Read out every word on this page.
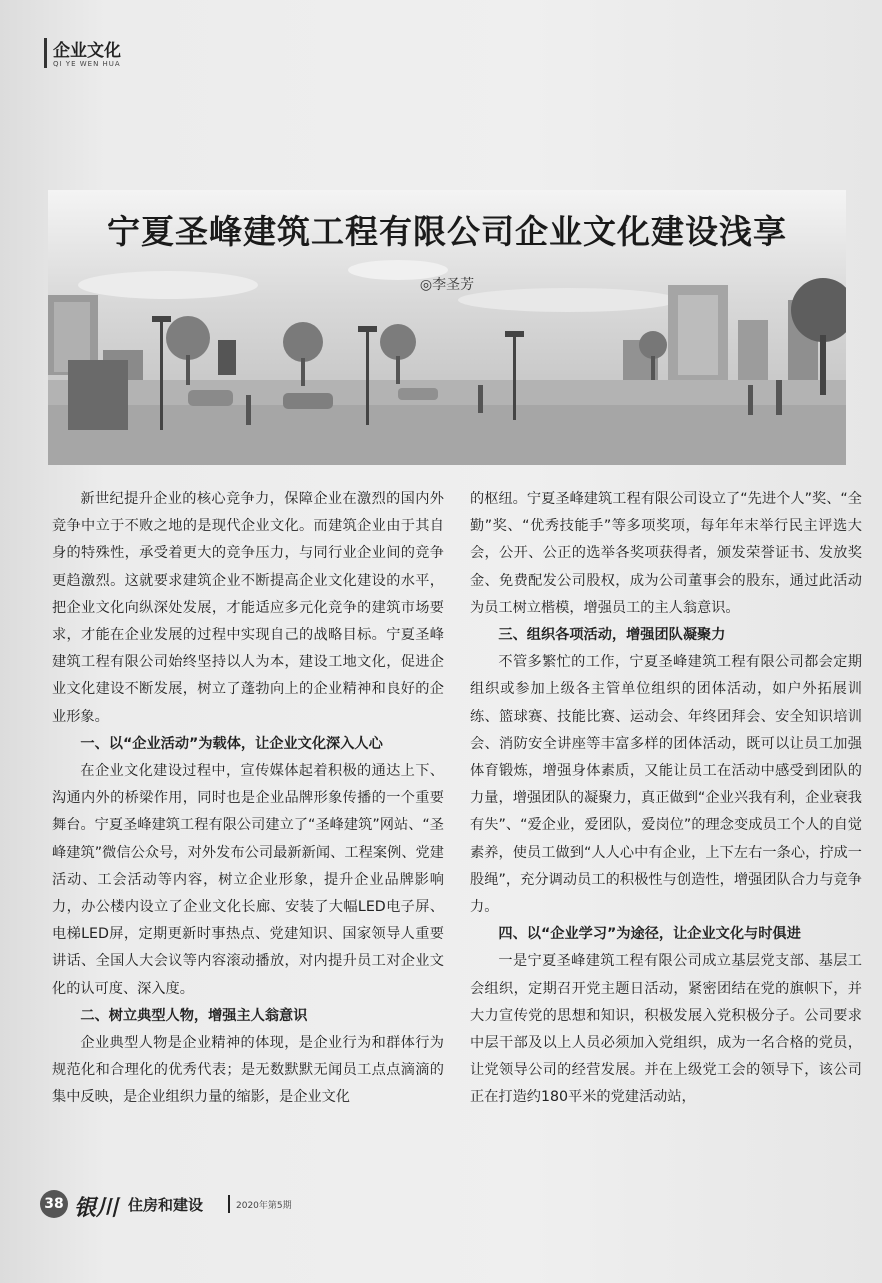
企业文化
QI YE WEN HUA
宁夏圣峰建筑工程有限公司企业文化建设浅享
◎李圣芳

新世纪提升企业的核心竞争力，保障企业在激烈的国内外竞争中立于不败之地的是现代企业文化。而建筑企业由于其自身的特殊性，承受着更大的竞争压力，与同行业企业间的竞争更趋激烈。这就要求建筑企业不断提高企业文化建设的水平，把企业文化向纵深处发展，才能适应多元化竞争的建筑市场要求，才能在企业发展的过程中实现自己的战略目标。宁夏圣峰建筑工程有限公司始终坚持以人为本，建设工地文化，促进企业文化建设不断发展，树立了蓬勃向上的企业精神和良好的企业形象。

一、以“企业活动”为载体，让企业文化深入人心

在企业文化建设过程中，宣传媒体起着积极的通达上下、沟通内外的桥梁作用，同时也是企业品牌形象传播的一个重要舞台。宁夏圣峰建筑工程有限公司建立了“圣峰建筑”网站、“圣峰建筑”微信公众号，对外发布公司最新新闻、工程案例、党建活动、工会活动等内容，树立企业形象，提升企业品牌影响力，办公楼内设立了企业文化长廊、安装了大幅LED电子屏、电梯LED屏，定期更新时事热点、党建知识、国家领导人重要讲话、全国人大会议等内容滚动播放，对内提升员工对企业文化的认可度、深入度。

二、树立典型人物，增强主人翁意识

企业典型人物是企业精神的体现，是企业行为和群体行为规范化和合理化的优秀代表；是无数默默无闻员工点点滴滴的集中反映，是企业组织力量的缩影，是企业文化

的枢纽。宁夏圣峰建筑工程有限公司设立了“先进个人”奖、“全勤”奖、“优秀技能手”等多项奖项，每年年末举行民主评选大会，公开、公正的选举各奖项获得者，颁发荣誉证书、发放奖金、免费配发公司股权，成为公司董事会的股东，通过此活动为员工树立楷模，增强员工的主人翁意识。

三、组织各项活动，增强团队凝聚力

不管多繁忙的工作，宁夏圣峰建筑工程有限公司都会定期组织或参加上级各主管单位组织的团体活动，如户外拓展训练、篮球赛、技能比赛、运动会、年终团拜会、安全知识培训会、消防安全讲座等丰富多样的团体活动，既可以让员工加强体育锻炼，增强身体素质，又能让员工在活动中感受到团队的力量，增强团队的凝聚力，真正做到“企业兴我有利，企业衰我有失”、“爱企业，爱团队，爱岗位”的理念变成员工个人的自觉素养，使员工做到“人人心中有企业，上下左右一条心，拧成一股绳”，充分调动员工的积极性与创造性，增强团队合力与竞争力。

四、以“企业学习”为途径，让企业文化与时俱进

一是宁夏圣峰建筑工程有限公司成立基层党支部、基层工会组织，定期召开党主题日活动，紧密团结在党的旗帜下，并大力宣传党的思想和知识，积极发展入党积极分子。公司要求中层干部及以上人员必须加入党组织，成为一名合格的党员，让党领导公司的经营发展。并在上级党工会的领导下，该公司正在打造约180平米的党建活动站，

38 银川 住房和建设	2020年第5期
